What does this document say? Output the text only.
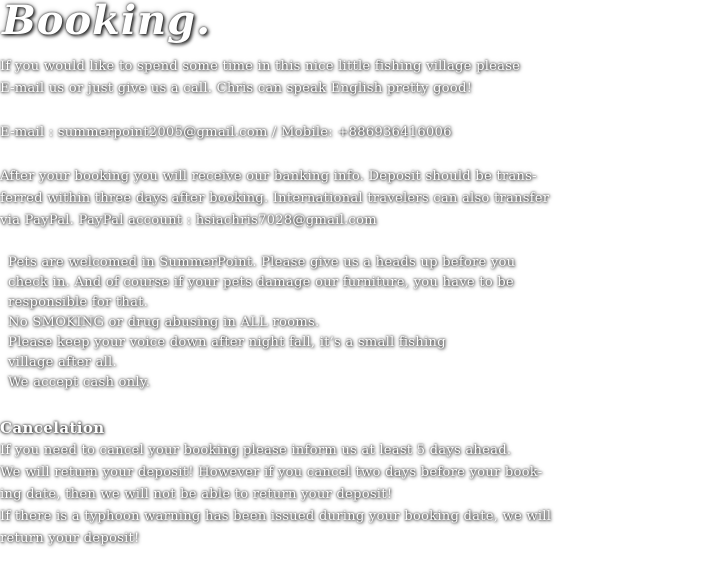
Booking.
If you would like to spend some time in this nice little fishing village please
E-mail us or just give us a call. Chris can speak English pretty good!
E-mail : summerpoint2005@gmail.com / Mobile: +886936416006
After your booking you will receive our banking info. Deposit should be trans-
ferred within three days after booking. International travelers can also transfer
via PayPal. PayPal account : hsiachris7028@gmail.com
Pets are welcomed in SummerPoint. Please give us a heads up before you
check in. And of course if your pets damage our furniture, you have to be
responsible for that.
No SMOKING or drug abusing in ALL rooms.
Please keep your voice down after night fall, it’s a small fishing
village after all.
We accept cash only.
Cancelation
If you need to cancel your booking please inform us at least 5 days ahead.
We will return your deposit! However if you cancel two days before your book-
ing date, then we will not be able to return your deposit!
If there is a typhoon warning has been issued during your booking date, we will
return your deposit!
